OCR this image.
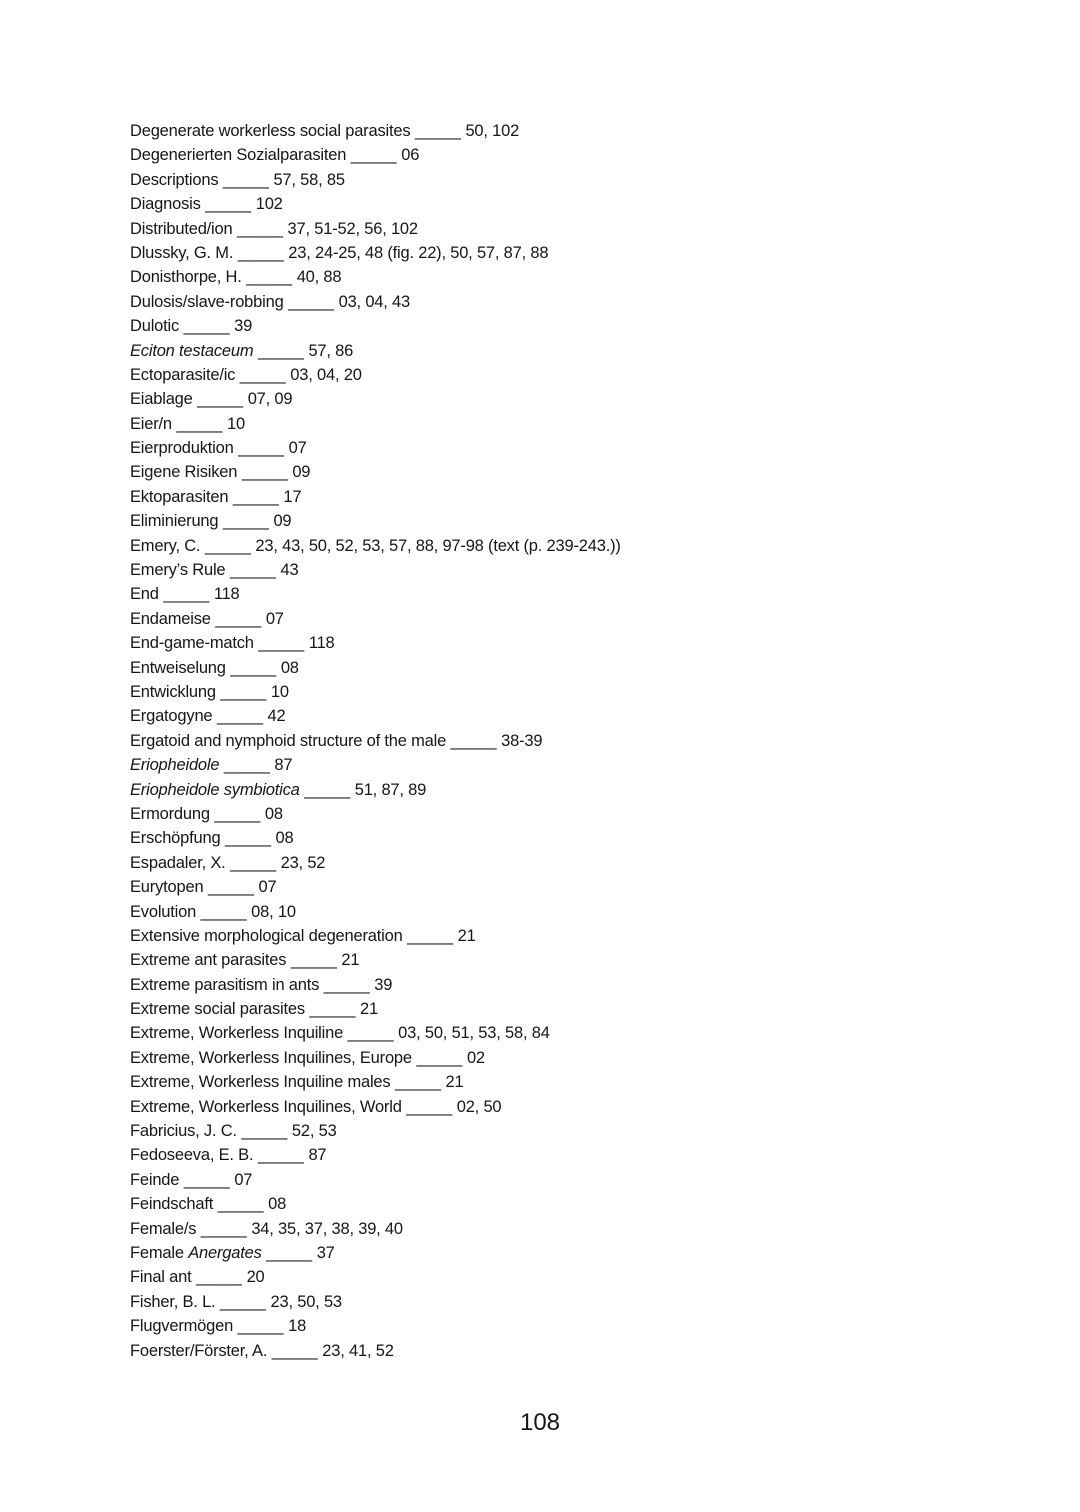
Degenerate workerless social parasites _____ 50, 102
Degenerierten Sozialparasiten _____ 06
Descriptions _____ 57, 58, 85
Diagnosis _____ 102
Distributed/ion _____ 37, 51-52, 56, 102
Dlussky, G. M. _____ 23, 24-25, 48 (fig. 22), 50, 57, 87, 88
Donisthorpe, H. _____ 40, 88
Dulosis/slave-robbing _____ 03, 04, 43
Dulotic _____ 39
Eciton testaceum _____ 57, 86
Ectoparasite/ic _____ 03, 04, 20
Eiablage _____ 07, 09
Eier/n _____ 10
Eierproduktion _____ 07
Eigene Risiken _____ 09
Ektoparasiten _____ 17
Eliminierung _____ 09
Emery, C. _____ 23, 43, 50, 52, 53, 57, 88, 97-98 (text (p. 239-243.))
Emery’s Rule _____ 43
End _____ 118
Endameise _____ 07
End-game-match _____ 118
Entweiselung _____ 08
Entwicklung _____ 10
Ergatogyne _____ 42
Ergatoid and nymphoid structure of the male _____ 38-39
Eriopheidole _____ 87
Eriopheidole symbiotica _____ 51, 87, 89
Ermordung _____ 08
Erschöpfung _____ 08
Espadaler, X. _____ 23, 52
Eurytopen _____ 07
Evolution _____ 08, 10
Extensive morphological degeneration _____ 21
Extreme ant parasites _____ 21
Extreme parasitism in ants _____ 39
Extreme social parasites _____ 21
Extreme, Workerless Inquiline _____ 03, 50, 51, 53, 58, 84
Extreme, Workerless Inquilines, Europe _____ 02
Extreme, Workerless Inquiline males _____ 21
Extreme, Workerless Inquilines, World _____ 02, 50
Fabricius, J. C. _____ 52, 53
Fedoseeva, E. B. _____ 87
Feinde _____ 07
Feindschaft _____ 08
Female/s _____ 34, 35, 37, 38, 39, 40
Female Anergates _____ 37
Final ant _____ 20
Fisher, B. L. _____ 23, 50, 53
Flugvermögen _____ 18
Foerster/Förster, A. _____ 23, 41, 52
108
